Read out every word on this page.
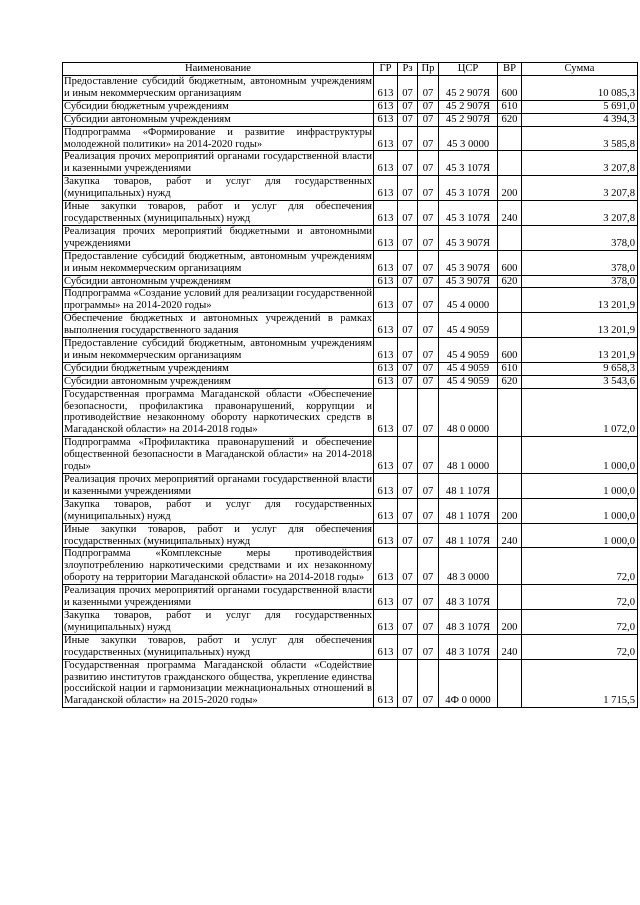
Наименование	ГР	Рз	Пр	ЦСР	ВР	Сумма
Предоставление субсидий бюджетным, автономным учреждениям и иным некоммерческим организациям	613	07	07	45 2 907Я	600	10 085,3
Субсидии бюджетным учреждениям	613	07	07	45 2 907Я	610	5 691,0
Субсидии автономным учреждениям	613	07	07	45 2 907Я	620	4 394,3
Подпрограмма «Формирование и развитие инфраструктуры молодежной политики» на 2014-2020 годы»	613	07	07	45 3 0000		3 585,8
Реализация прочих мероприятий органами государственной власти и казенными учреждениями	613	07	07	45 3 107Я		3 207,8
Закупка товаров, работ и услуг для государственных (муниципальных) нужд	613	07	07	45 3 107Я	200	3 207,8
Иные закупки товаров, работ и услуг для обеспечения государственных (муниципальных) нужд	613	07	07	45 3 107Я	240	3 207,8
Реализация прочих мероприятий бюджетными и автономными учреждениями	613	07	07	45 3 907Я		378,0
Предоставление субсидий бюджетным, автономным учреждениям и иным некоммерческим организациям	613	07	07	45 3 907Я	600	378,0
Субсидии автономным учреждениям	613	07	07	45 3 907Я	620	378,0
Подпрограмма «Создание условий для реализации государственной программы» на 2014-2020 годы»	613	07	07	45 4 0000		13 201,9
Обеспечение бюджетных и автономных учреждений в рамках выполнения государственного задания	613	07	07	45 4 9059		13 201,9
Предоставление субсидий бюджетным, автономным учреждениям и иным некоммерческим организациям	613	07	07	45 4 9059	600	13 201,9
Субсидии бюджетным учреждениям	613	07	07	45 4 9059	610	9 658,3
Субсидии автономным учреждениям	613	07	07	45 4 9059	620	3 543,6
Государственная программа Магаданской области «Обеспечение безопасности, профилактика правонарушений, коррупции и противодействие незаконному обороту наркотических средств в Магаданской области» на 2014-2018 годы»	613	07	07	48 0 0000		1 072,0
Подпрограмма «Профилактика правонарушений и обеспечение общественной безопасности в Магаданской области» на 2014-2018 годы»	613	07	07	48 1 0000		1 000,0
Реализация прочих мероприятий органами государственной власти и казенными учреждениями	613	07	07	48 1 107Я		1 000,0
Закупка товаров, работ и услуг для государственных (муниципальных) нужд	613	07	07	48 1 107Я	200	1 000,0
Иные закупки товаров, работ и услуг для обеспечения государственных (муниципальных) нужд	613	07	07	48 1 107Я	240	1 000,0
Подпрограмма «Комплексные меры противодействия злоупотреблению наркотическими средствами и их незаконному обороту на территории Магаданской области» на 2014-2018 годы»	613	07	07	48 3 0000		72,0
Реализация прочих мероприятий органами государственной власти и казенными учреждениями	613	07	07	48 3 107Я		72,0
Закупка товаров, работ и услуг для государственных (муниципальных) нужд	613	07	07	48 3 107Я	200	72,0
Иные закупки товаров, работ и услуг для обеспечения государственных (муниципальных) нужд	613	07	07	48 3 107Я	240	72,0
Государственная программа Магаданской области «Содействие развитию институтов гражданского общества, укрепление единства российской нации и гармонизации межнациональных отношений в Магаданской области» на 2015-2020 годы»	613	07	07	4Ф 0 0000		1 715,5
